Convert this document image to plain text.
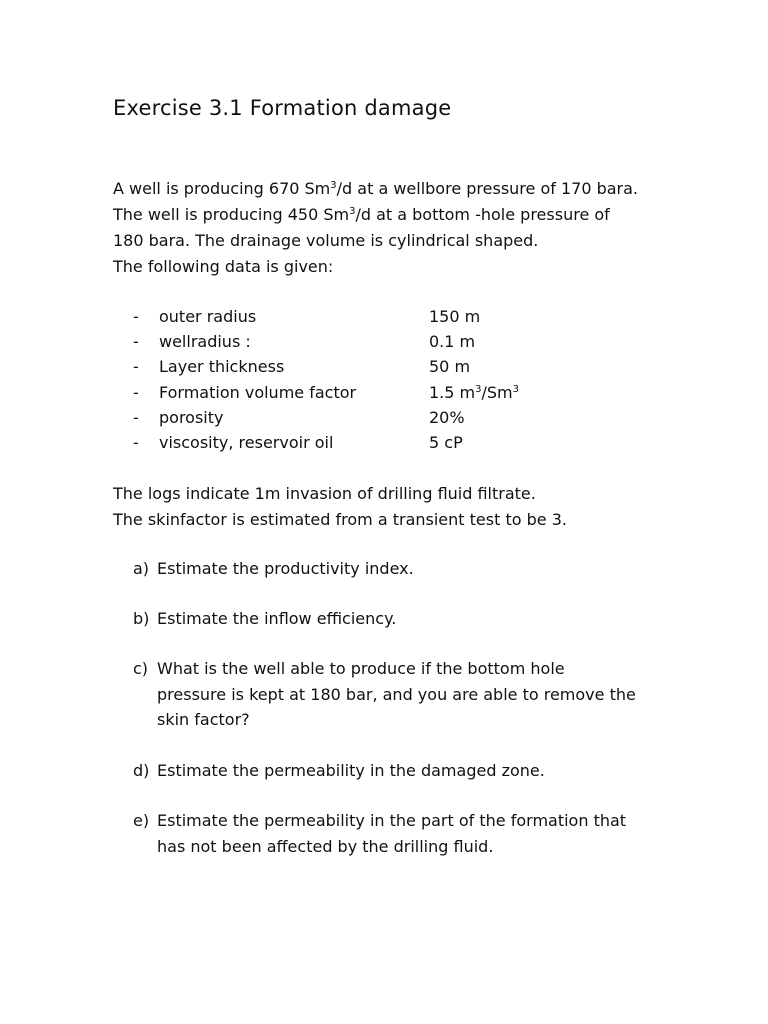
Exercise 3.1 Formation damage
A well is producing 670 Sm$^3$/d at a wellbore pressure of 170 bara.
The well is producing 450 Sm$^3$/d at a bottom -hole pressure of
180 bara. The drainage volume is cylindrical shaped.
The following data is given:
- outer radius	150 m
- wellradius :	0.1 m
- Layer thickness	50 m
- Formation volume factor	1.5 $m^3/Sm^3$
- porosity	20%
- viscosity, reservoir oil	5 cP
The logs indicate 1m invasion of drilling fluid filtrate.
The skinfactor is estimated from a transient test to be 3.
a) Estimate the productivity index.
b) Estimate the inflow efficiency.
c) What is the well able to produce if the bottom hole
pressure is kept at 180 bar, and you are able to remove the
skin factor?
d) Estimate the permeability in the damaged zone.
e) Estimate the permeability in the part of the formation that
has not been affected by the drilling fluid.
